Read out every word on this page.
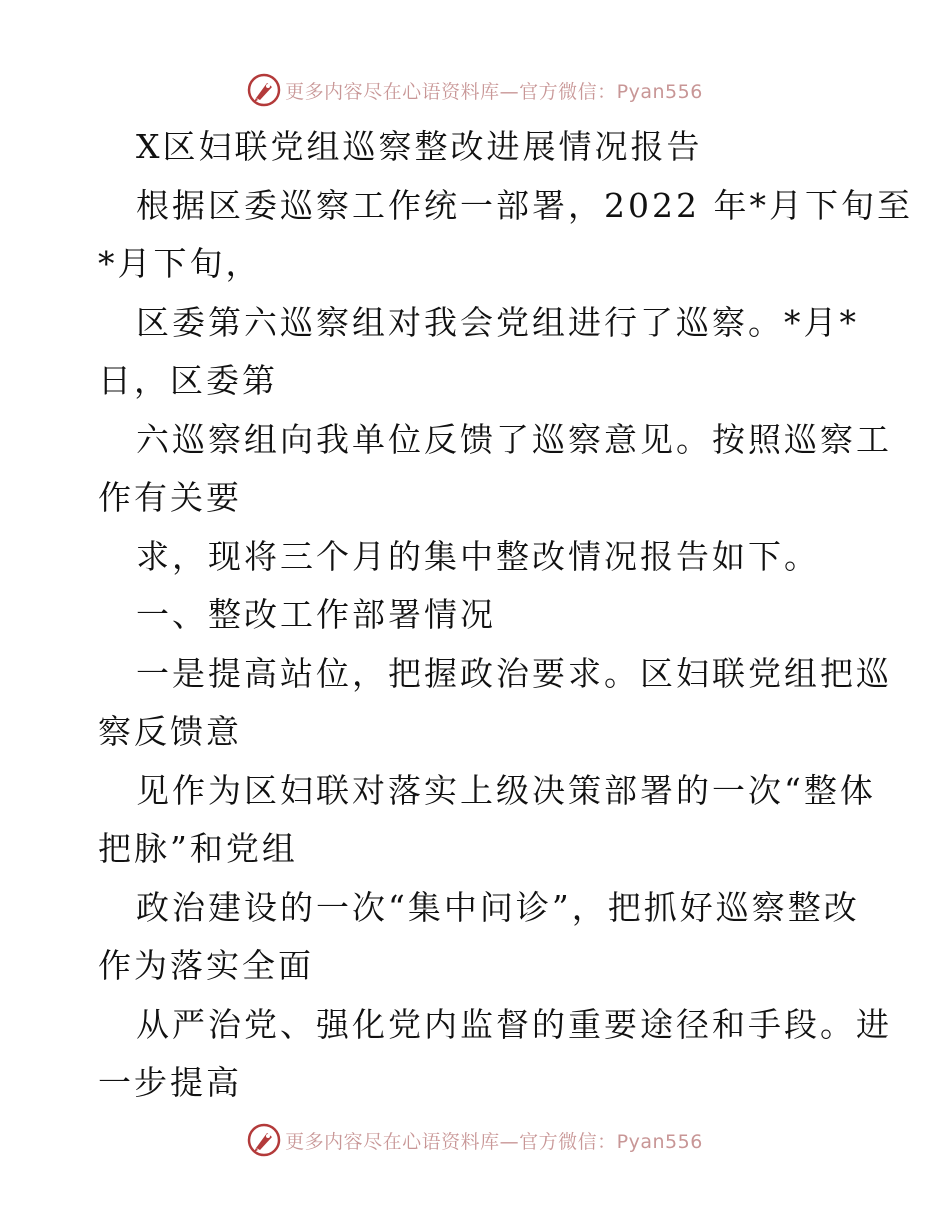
更多内容尽在心语资料库—官方微信：Pyan556
X区妇联党组巡察整改进展情况报告
根据区委巡察工作统一部署，2022 年*月下旬至
*月下旬，
区委第六巡察组对我会党组进行了巡察。*月*
日，区委第
六巡察组向我单位反馈了巡察意见。按照巡察工
作有关要
求，现将三个月的集中整改情况报告如下。
一、整改工作部署情况
一是提高站位，把握政治要求。区妇联党组把巡
察反馈意
见作为区妇联对落实上级决策部署的一次“整体
把脉”和党组
政治建设的一次“集中问诊”，把抓好巡察整改
作为落实全面
从严治党、强化党内监督的重要途径和手段。进
一步提高
更多内容尽在心语资料库—官方微信：Pyan556
